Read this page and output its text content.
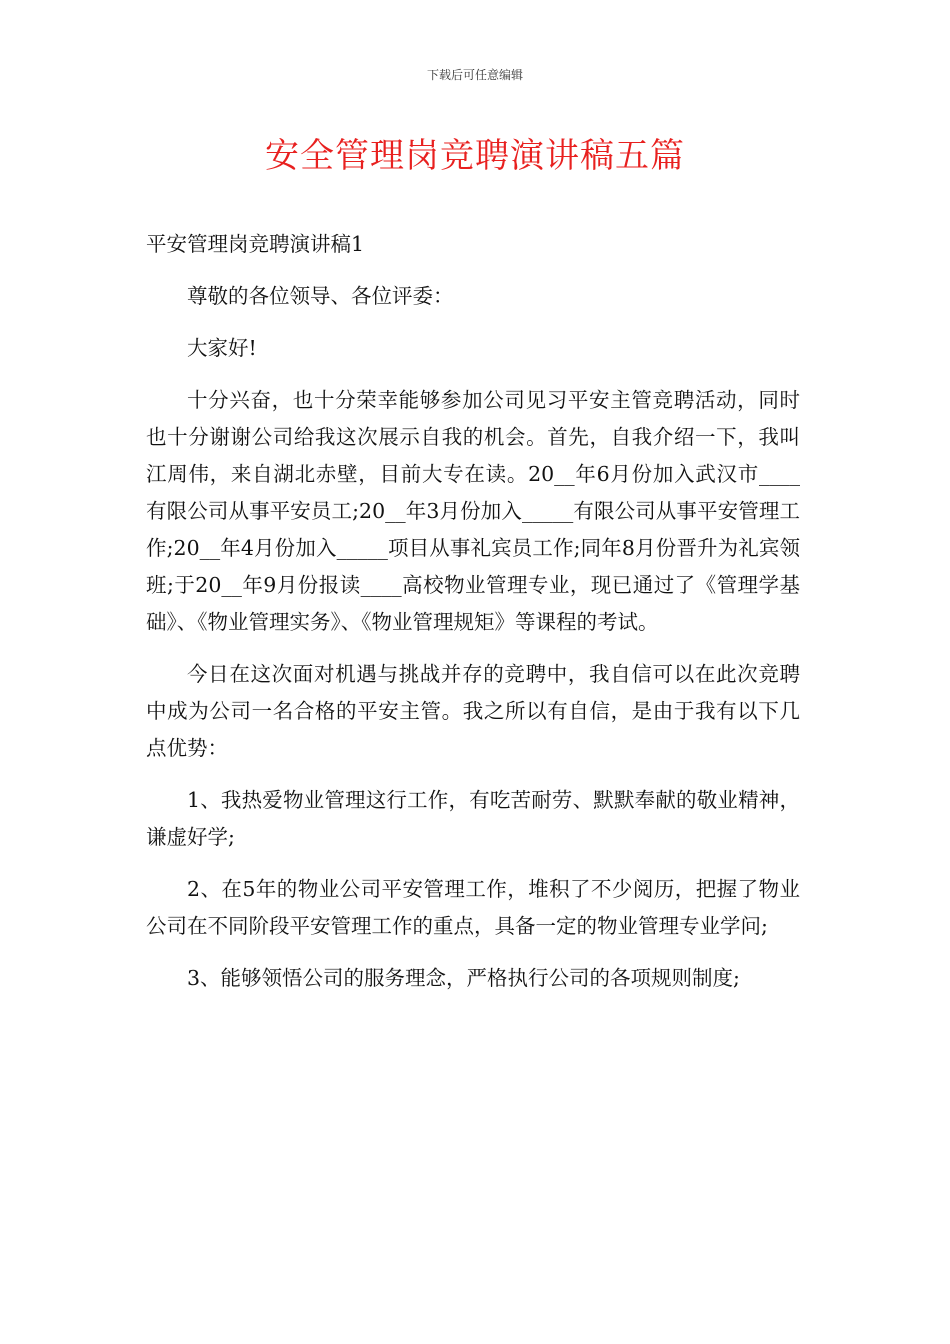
下载后可任意编辑
安全管理岗竞聘演讲稿五篇

平安管理岗竞聘演讲稿1

尊敬的各位领导、各位评委：

大家好!

十分兴奋，也十分荣幸能够参加公司见习平安主管竞聘活动，同时也十分谢谢公司给我这次展示自我的机会。首先，自我介绍一下，我叫江周伟，来自湖北赤壁，目前大专在读。20__年6月份加入武汉市____有限公司从事平安员工;20__年3月份加入_____有限公司从事平安管理工作;20__年4月份加入_____项目从事礼宾员工作;同年8月份晋升为礼宾领班;于20__年9月份报读____高校物业管理专业，现已通过了《管理学基础》、《物业管理实务》、《物业管理规矩》等课程的考试。

今日在这次面对机遇与挑战并存的竞聘中，我自信可以在此次竞聘中成为公司一名合格的平安主管。我之所以有自信，是由于我有以下几点优势：

1、我热爱物业管理这行工作，有吃苦耐劳、默默奉献的敬业精神，谦虚好学;

2、在5年的物业公司平安管理工作，堆积了不少阅历，把握了物业公司在不同阶段平安管理工作的重点，具备一定的物业管理专业学问;

3、能够领悟公司的服务理念，严格执行公司的各项规则制度;
